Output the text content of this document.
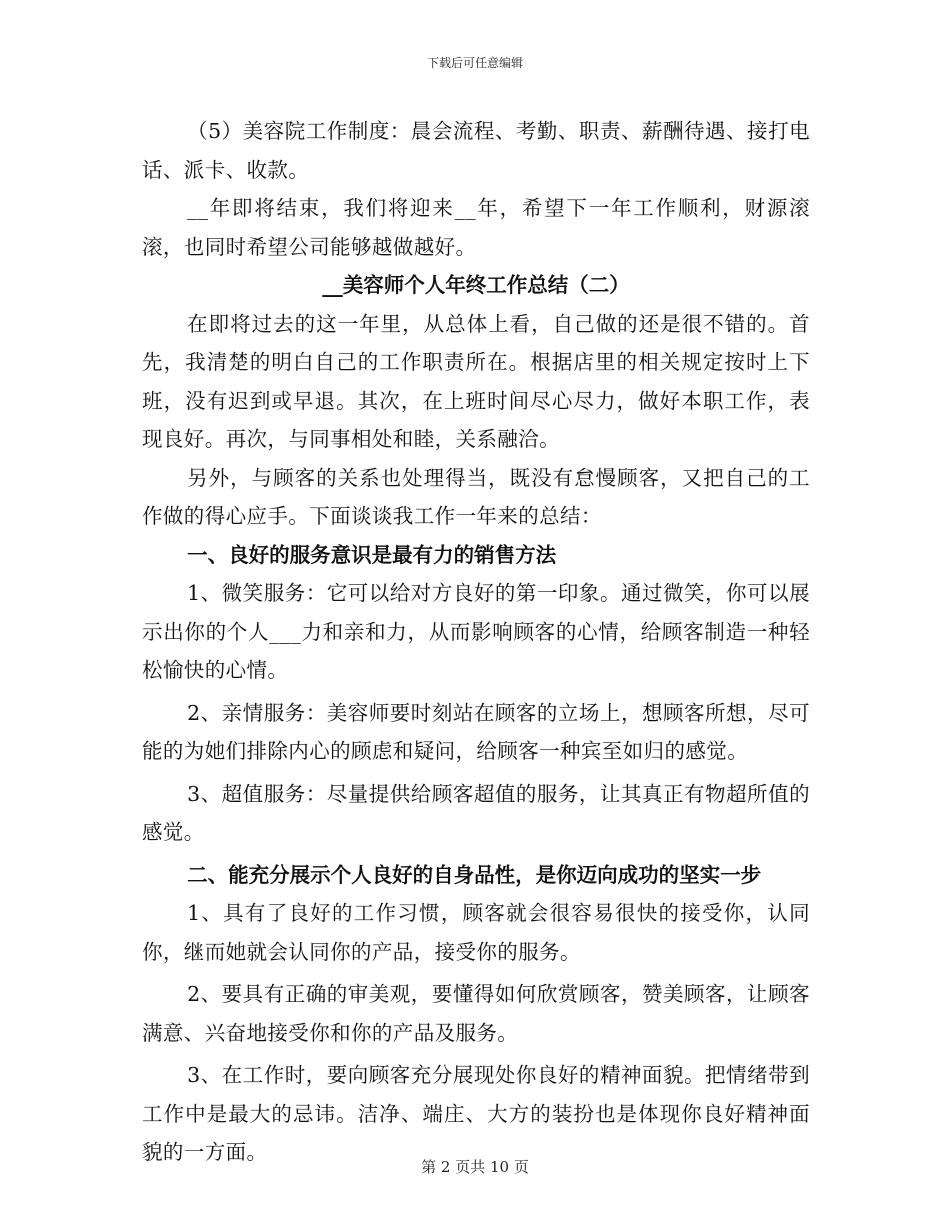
下载后可任意编辑

（5）美容院工作制度：晨会流程、考勤、职责、薪酬待遇、接打电话、派卡、收款。

__年即将结束，我们将迎来__年，希望下一年工作顺利，财源滚滚，也同时希望公司能够越做越好。

__美容师个人年终工作总结（二）

在即将过去的这一年里，从总体上看，自己做的还是很不错的。首先，我清楚的明白自己的工作职责所在。根据店里的相关规定按时上下班，没有迟到或早退。其次，在上班时间尽心尽力，做好本职工作，表现良好。再次，与同事相处和睦，关系融洽。

另外，与顾客的关系也处理得当，既没有怠慢顾客，又把自己的工作做的得心应手。下面谈谈我工作一年来的总结：

一、良好的服务意识是最有力的销售方法

1、微笑服务：它可以给对方良好的第一印象。通过微笑，你可以展示出你的个人___力和亲和力，从而影响顾客的心情，给顾客制造一种轻松愉快的心情。

2、亲情服务：美容师要时刻站在顾客的立场上，想顾客所想，尽可能的为她们排除内心的顾虑和疑问，给顾客一种宾至如归的感觉。

3、超值服务：尽量提供给顾客超值的服务，让其真正有物超所值的感觉。

二、能充分展示个人良好的自身品性，是你迈向成功的坚实一步

1、具有了良好的工作习惯，顾客就会很容易很快的接受你，认同你，继而她就会认同你的产品，接受你的服务。

2、要具有正确的审美观，要懂得如何欣赏顾客，赞美顾客，让顾客满意、兴奋地接受你和你的产品及服务。

3、在工作时，要向顾客充分展现处你良好的精神面貌。把情绪带到工作中是最大的忌讳。洁净、端庄、大方的装扮也是体现你良好精神面貌的一方面。

第 2 页共 10 页
